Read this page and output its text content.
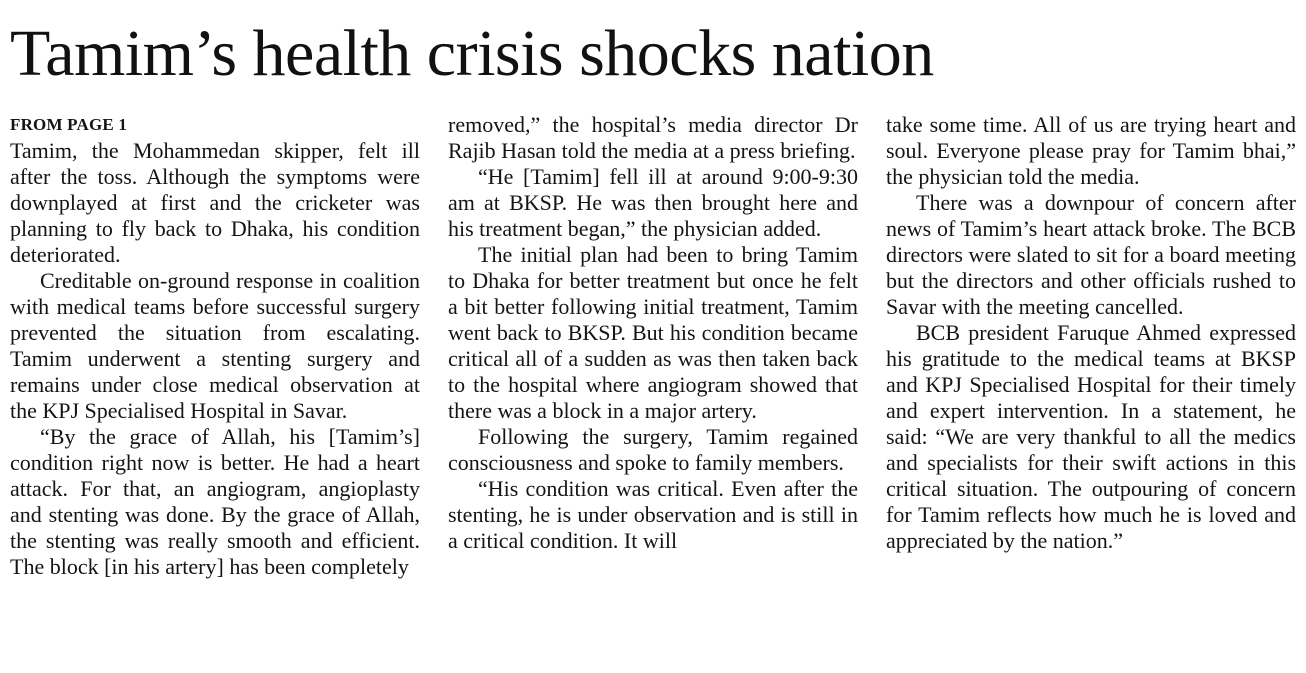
Tamim’s health crisis shocks nation
FROM PAGE 1

Tamim, the Mohammedan skipper, felt ill after the toss. Although the symptoms were downplayed at first and the cricketer was planning to fly back to Dhaka, his condition deteriorated.

Creditable on-ground response in coalition with medical teams before successful surgery prevented the situation from escalating. Tamim underwent a stenting surgery and remains under close medical observation at the KPJ Specialised Hospital in Savar.

“By the grace of Allah, his [Tamim’s] condition right now is better. He had a heart attack. For that, an angiogram, angioplasty and stenting was done. By the grace of Allah, the stenting was really smooth and efficient. The block [in his artery] has been completely

removed,” the hospital’s media director Dr Rajib Hasan told the media at a press briefing.

“He [Tamim] fell ill at around 9:00-9:30 am at BKSP. He was then brought here and his treatment began,” the physician added.

The initial plan had been to bring Tamim to Dhaka for better treatment but once he felt a bit better following initial treatment, Tamim went back to BKSP. But his condition became critical all of a sudden as was then taken back to the hospital where angiogram showed that there was a block in a major artery.

Following the surgery, Tamim regained consciousness and spoke to family members.

“His condition was critical. Even after the stenting, he is under observation and is still in a critical condition. It will

take some time. All of us are trying heart and soul. Everyone please pray for Tamim bhai,” the physician told the media.

There was a downpour of concern after news of Tamim’s heart attack broke. The BCB directors were slated to sit for a board meeting but the directors and other officials rushed to Savar with the meeting cancelled.

BCB president Faruque Ahmed expressed his gratitude to the medical teams at BKSP and KPJ Specialised Hospital for their timely and expert intervention. In a statement, he said: “We are very thankful to all the medics and specialists for their swift actions in this critical situation. The outpouring of concern for Tamim reflects how much he is loved and appreciated by the nation.”
